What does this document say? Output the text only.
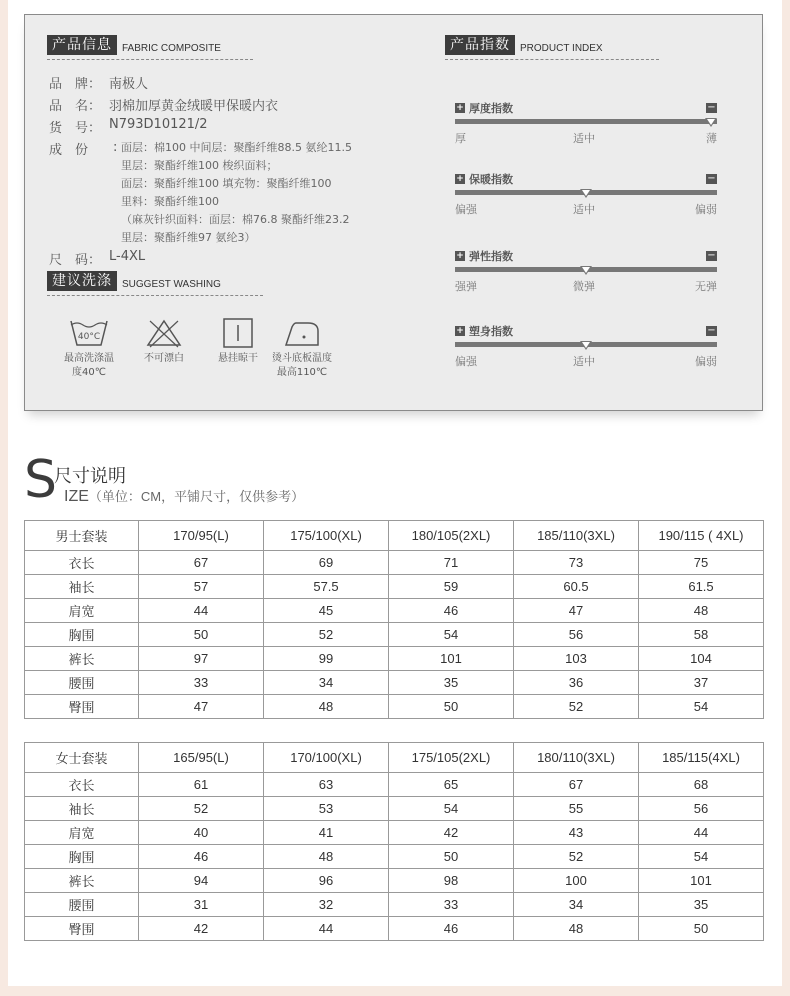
产品信息	FABRIC COMPOSITE
品　牌： 南极人
品　名： 羽棉加厚黄金绒暖甲保暖内衣
货　号： N793D10121/2
成　份	: 面层：棉100 中间层：聚酯纤维88.5 氨纶11.5
里层：聚酯纤维100 梭织面料；
面层：聚酯纤维100 填充物：聚酯纤维100
里料：聚酯纤维100
（麻灰针织面料：面层：棉76.8 聚酯纤维23.2
里层：聚酯纤维97 氨纶3）
尺　码： L-4XL
建议洗涤	SUGGEST WASHING
40°C
最高洗涤温
度40℃
不可漂白	悬挂晾干	烫斗底板温度
最高110℃
产品指数	PRODUCT INDEX
+ 厚度指数	−
厚	适中	薄
+ 保暖指数	−
偏强	适中	偏弱
+ 弹性指数	−
强弹	微弹	无弹
+ 塑身指数	−
偏强	适中	偏弱
S
尺寸说明
IZE（单位：CM，平铺尺寸，仅供参考）
男士套装	170/95(L)	175/100(XL)	180/105(2XL)	185/110(3XL)	190/115 ( 4XL)
衣长	67	69	71	73	75
袖长	57	57.5	59	60.5	61.5
肩宽	44	45	46	47	48
胸围	50	52	54	56	58
裤长	97	99	101	103	104
腰围	33	34	35	36	37
臀围	47	48	50	52	54
女士套装	165/95(L)	170/100(XL)	175/105(2XL)	180/110(3XL)	185/115(4XL)
衣长	61	63	65	67	68
袖长	52	53	54	55	56
肩宽	40	41	42	43	44
胸围	46	48	50	52	54
裤长	94	96	98	100	101
腰围	31	32	33	34	35
臀围	42	44	46	48	50
